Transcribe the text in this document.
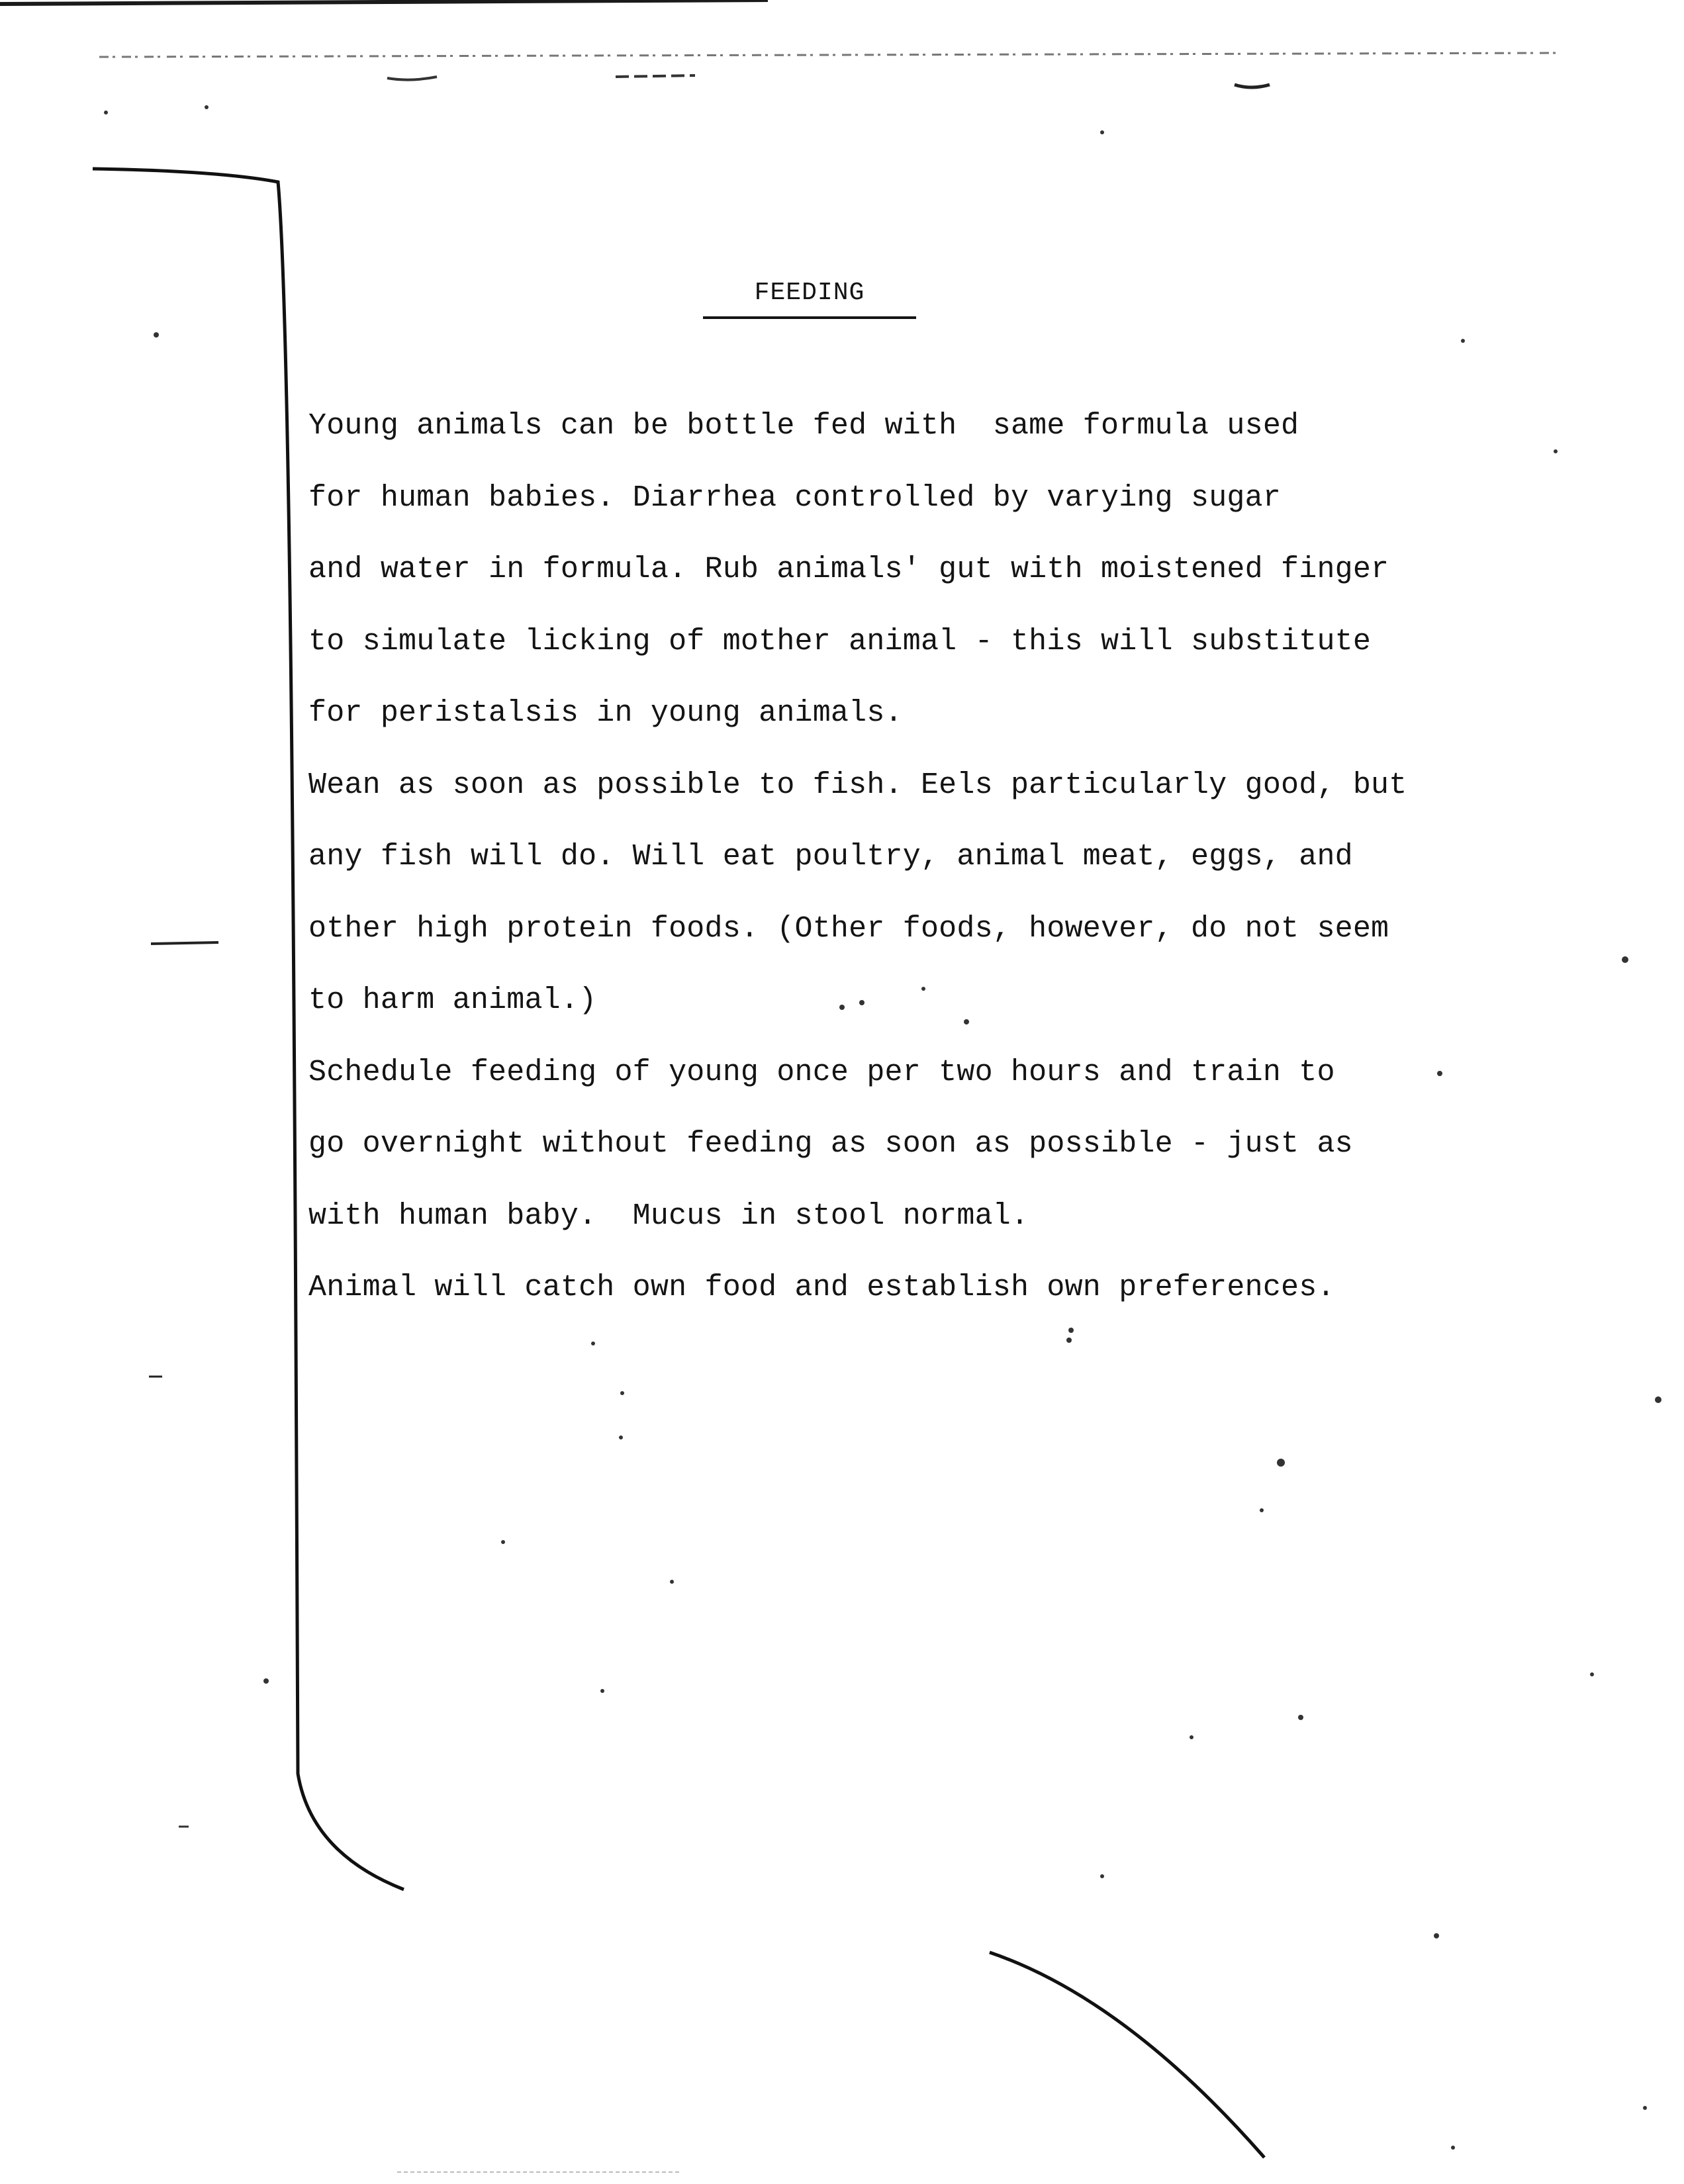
FEEDING
Young animals can be bottle fed with  same formula used
for human babies. Diarrhea controlled by varying sugar
and water in formula. Rub animals' gut with moistened finger
to simulate licking of mother animal - this will substitute
for peristalsis in young animals.
Wean as soon as possible to fish. Eels particularly good, but
any fish will do. Will eat poultry, animal meat, eggs, and
other high protein foods. (Other foods, however, do not seem
to harm animal.)
Schedule feeding of young once per two hours and train to
go overnight without feeding as soon as possible - just as
with human baby.  Mucus in stool normal.
Animal will catch own food and establish own preferences.
